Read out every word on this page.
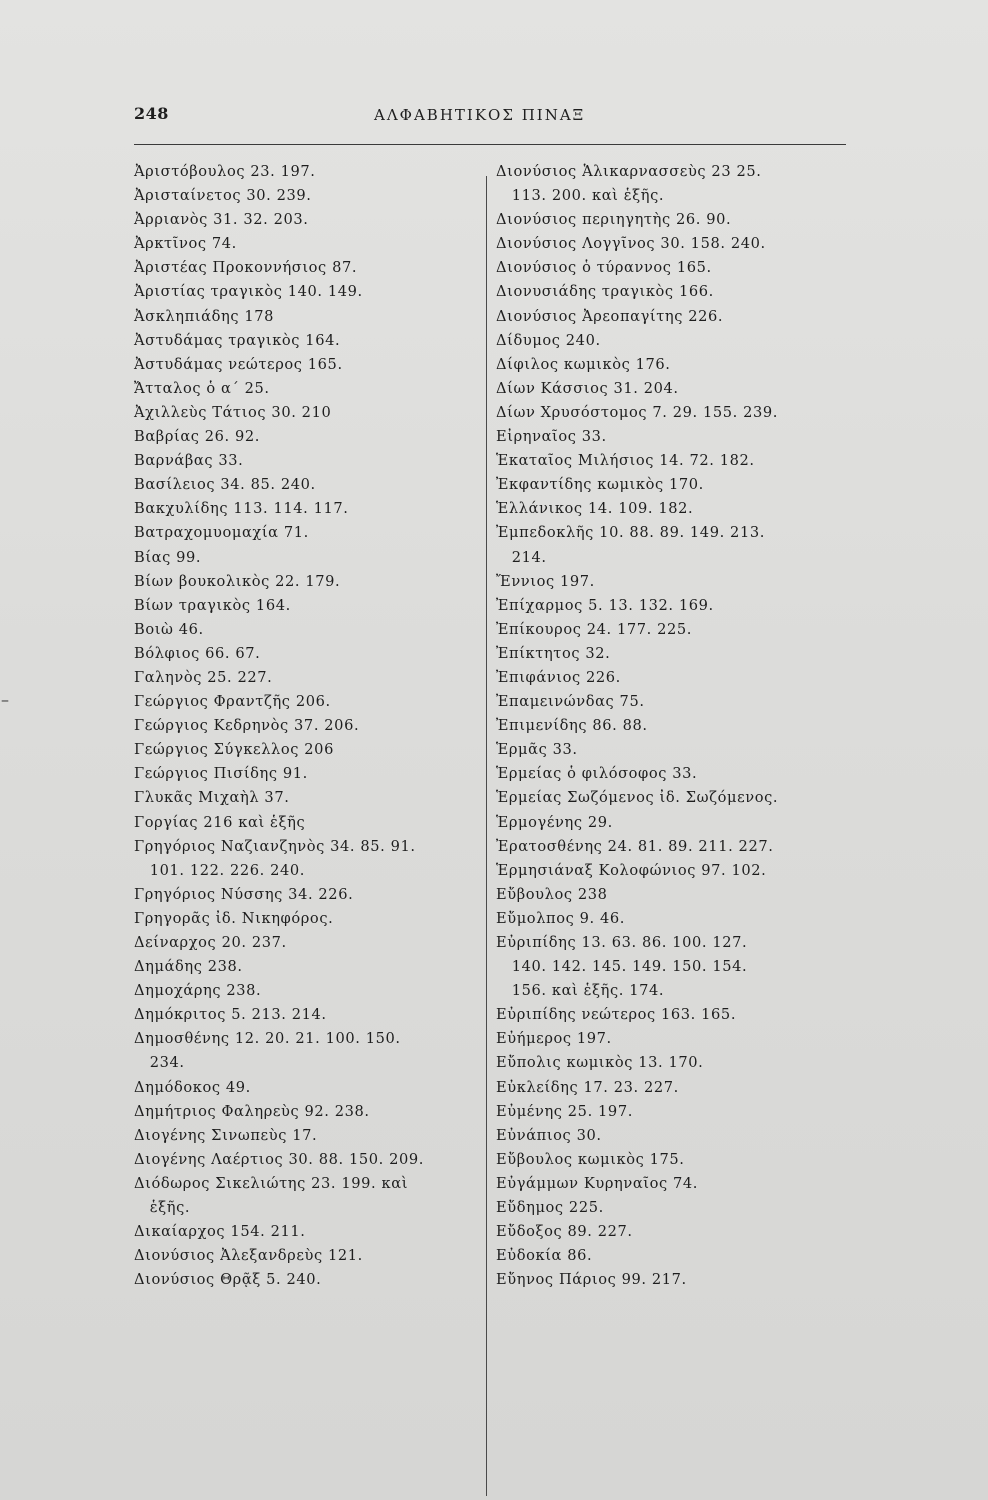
248	ΑΛΦΑΒΗΤΙΚΟΣ ΠΙΝΑΞ
Ἀριστόβουλος 23. 197.
Ἀρισταίνετος 30. 239.
Ἀρριανὸς 31. 32. 203.
Ἀρκτῖνος 74.
Ἀριστέας Προκοννήσιος 87.
Ἀριστίας τραγικὸς 140. 149.
Ἀσκληπιάδης 178
Ἀστυδάμας τραγικὸς 164.
Ἀστυδάμας νεώτερος 165.
Ἄτταλος ὁ α΄ 25.
Ἀχιλλεὺς Τάτιος 30. 210
Βαβρίας 26. 92.
Βαρνάβας 33.
Βασίλειος 34. 85. 240.
Βακχυλίδης 113. 114. 117.
Βατραχομυομαχία 71.
Βίας 99.
Βίων βουκολικὸς 22. 179.
Βίων τραγικὸς 164.
Βοιὼ 46.
Βόλφιος 66. 67.
Γαληνὸς 25. 227.
Γεώργιος Φραντζῆς 206.
Γεώργιος Κεδρηνὸς 37. 206.
Γεώργιος Σύγκελλος 206
Γεώργιος Πισίδης 91.
Γλυκᾶς Μιχαὴλ 37.
Γοργίας 216 καὶ ἑξῆς
Γρηγόριος Ναζιανζηνὸς 34. 85. 91.
101. 122. 226. 240.
Γρηγόριος Νύσσης 34. 226.
Γρηγορᾶς ἰδ. Νικηφόρος.
Δείναρχος 20. 237.
Δημάδης 238.
Δημοχάρης 238.
Δημόκριτος 5. 213. 214.
Δημοσθένης 12. 20. 21. 100. 150.
234.
Δημόδοκος 49.
Δημήτριος Φαληρεὺς 92. 238.
Διογένης Σινωπεὺς 17.
Διογένης Λαέρτιος 30. 88. 150. 209.
Διόδωρος Σικελιώτης 23. 199. καὶ
ἑξῆς.
Δικαίαρχος 154. 211.
Διονύσιος Ἀλεξανδρεὺς 121.
Διονύσιος Θρᾷξ 5. 240.
Διονύσιος Ἁλικαρνασσεὺς 23 25.
113. 200. καὶ ἑξῆς.
Διονύσιος περιηγητὴς 26. 90.
Διονύσιος Λογγῖνος 30. 158. 240.
Διονύσιος ὁ τύραννος 165.
Διονυσιάδης τραγικὸς 166.
Διονύσιος Ἀρεοπαγίτης 226.
Δίδυμος 240.
Δίφιλος κωμικὸς 176.
Δίων Κάσσιος 31. 204.
Δίων Χρυσόστομος 7. 29. 155. 239.
Εἰρηναῖος 33.
Ἑκαταῖος Μιλήσιος 14. 72. 182.
Ἐκφαντίδης κωμικὸς 170.
Ἑλλάνικος 14. 109. 182.
Ἐμπεδοκλῆς 10. 88. 89. 149. 213.
214.
Ἔννιος 197.
Ἐπίχαρμος 5. 13. 132. 169.
Ἐπίκουρος 24. 177. 225.
Ἐπίκτητος 32.
Ἐπιφάνιος 226.
Ἐπαμεινώνδας 75.
Ἐπιμενίδης 86. 88.
Ἑρμᾶς 33.
Ἑρμείας ὁ φιλόσοφος 33.
Ἑρμείας Σωζόμενος ἰδ. Σωζόμενος.
Ἑρμογένης 29.
Ἐρατοσθένης 24. 81. 89. 211. 227.
Ἑρμησιάναξ Κολοφώνιος 97. 102.
Εὔβουλος 238
Εὔμολπος 9. 46.
Εὐριπίδης 13. 63. 86. 100. 127.
140. 142. 145. 149. 150. 154.
156. καὶ ἑξῆς. 174.
Εὐριπίδης νεώτερος 163. 165.
Εὐήμερος 197.
Εὔπολις κωμικὸς 13. 170.
Εὐκλείδης 17. 23. 227.
Εὐμένης 25. 197.
Εὐνάπιος 30.
Εὔβουλος κωμικὸς 175.
Εὐγάμμων Κυρηναῖος 74.
Εὔδημος 225.
Εὔδοξος 89. 227.
Εὐδοκία 86.
Εὔηνος Πάριος 99. 217.
–
